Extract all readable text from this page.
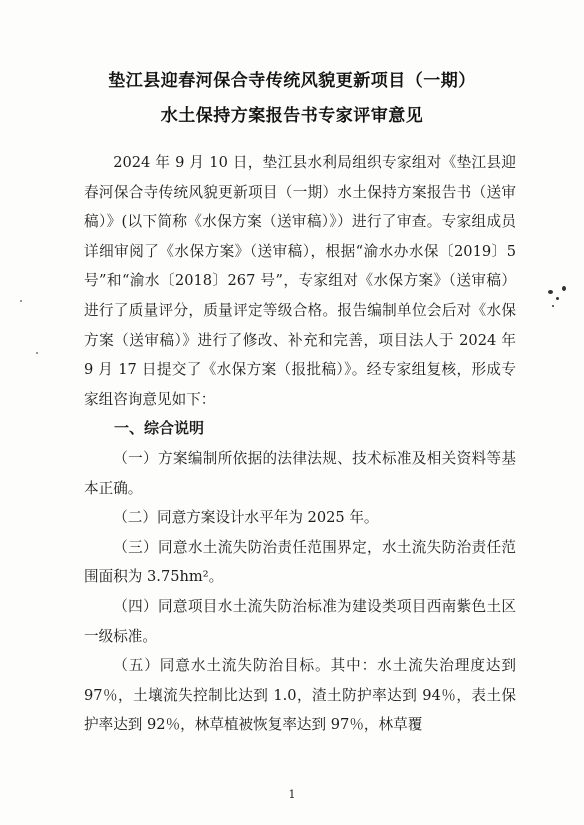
垫江县迎春河保合寺传统风貌更新项目（一期）
水土保持方案报告书专家评审意见

2024 年 9 月 10 日，垫江县水利局组织专家组对《垫江县迎春河保合寺传统风貌更新项目（一期）水土保持方案报告书（送审稿）》(以下简称《水保方案（送审稿）》）进行了审查。专家组成员详细审阅了《水保方案》（送审稿），根据“渝水办水保〔2019〕5 号”和“渝水〔2018〕267 号”，专家组对《水保方案》（送审稿）进行了质量评分，质量评定等级合格。报告编制单位会后对《水保方案（送审稿）》进行了修改、补充和完善，项目法人于 2024 年 9 月 17 日提交了《水保方案（报批稿）》。经专家组复核，形成专家组咨询意见如下：

一、综合说明

（一）方案编制所依据的法律法规、技术标准及相关资料等基本正确。

（二）同意方案设计水平年为 2025 年。

（三）同意水土流失防治责任范围界定，水土流失防治责任范围面积为 3.75hm²。

（四）同意项目水土流失防治标准为建设类项目西南紫色土区一级标准。

（五）同意水土流失防治目标。其中：水土流失治理度达到 97％，土壤流失控制比达到 1.0，渣土防护率达到 94％，表土保护率达到 92％，林草植被恢复率达到 97％，林草覆

1
